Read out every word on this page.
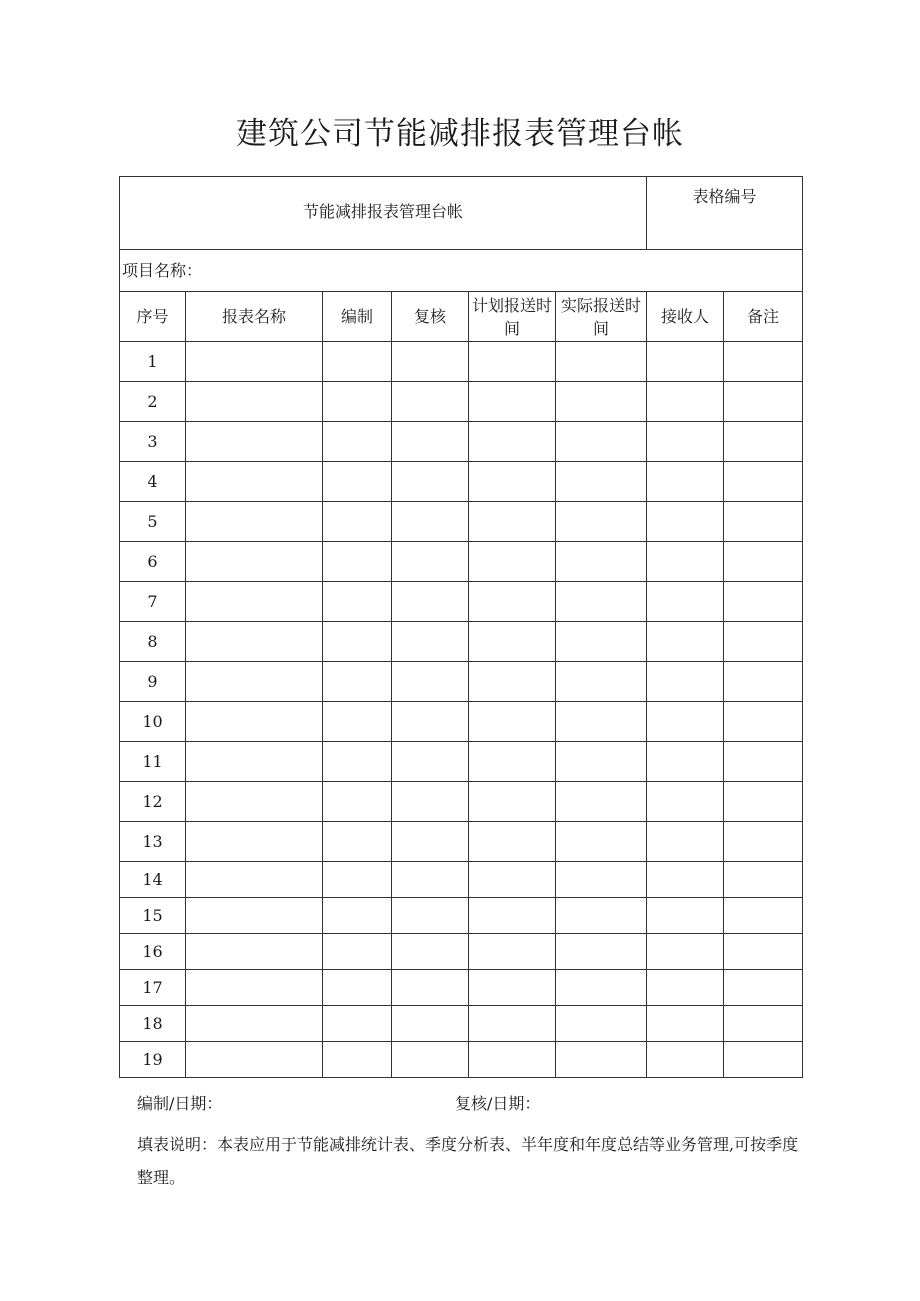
建筑公司节能减排报表管理台帐
节能减排报表管理台帐						表格编号	
项目名称：							
序号	报表名称	编制	复核	计划报送时间	实际报送时间	接收人	备注
1							
2							
3							
4							
5							
6							
7							
8							
9							
10							
11							
12							
13							
14							
15							
16							
17							
18							
19							
编制/日期：	复核/日期：
填表说明：本表应用于节能减排统计表、季度分析表、半年度和年度总结等业务管理,可按季度整理。
